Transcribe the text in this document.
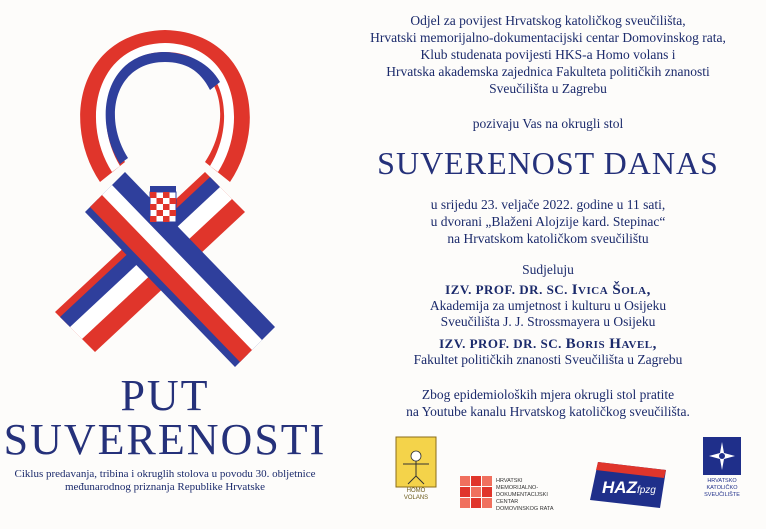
PUT
SUVERENOSTI
Ciklus predavanja, tribina i okruglih stolova u povodu 30. obljetnice međunarodnog priznanja Republike Hrvatske
Odjel za povijest Hrvatskog katoličkog sveučilišta,
Hrvatski memorijalno-dokumentacijski centar Domovinskog rata,
Klub studenata povijesti HKS-a Homo volans i
Hrvatska akademska zajednica Fakulteta političkih znanosti
Sveučilišta u Zagrebu
pozivaju Vas na okrugli stol
SUVERENOST DANAS
u srijedu 23. veljače 2022. godine u 11 sati,
u dvorani „Blaženi Alojzije kard. Stepinac“
na Hrvatskom katoličkom sveučilištu
Sudjeluju
IZV. PROF. DR. SC. Ivica Šola,
Akademija za umjetnost i kulturu u Osijeku
Sveučilišta J. J. Strossmayera u Osijeku
IZV. PROF. DR. SC. Boris Havel,
Fakultet političkih znanosti Sveučilišta u Zagrebu
Zbog epidemioloških mjera okrugli stol pratite
na Youtube kanalu Hrvatskog katoličkog sveučilišta.
HOMO
VOLANS
HRVATSKI
MEMORIJALNO-
DOKUMENTACIJSKI CENTAR
DOMOVINSKOG RATA
HAZfpzg
HRVATSKO
KATOLIČKO
SVEUČILIŠTE
